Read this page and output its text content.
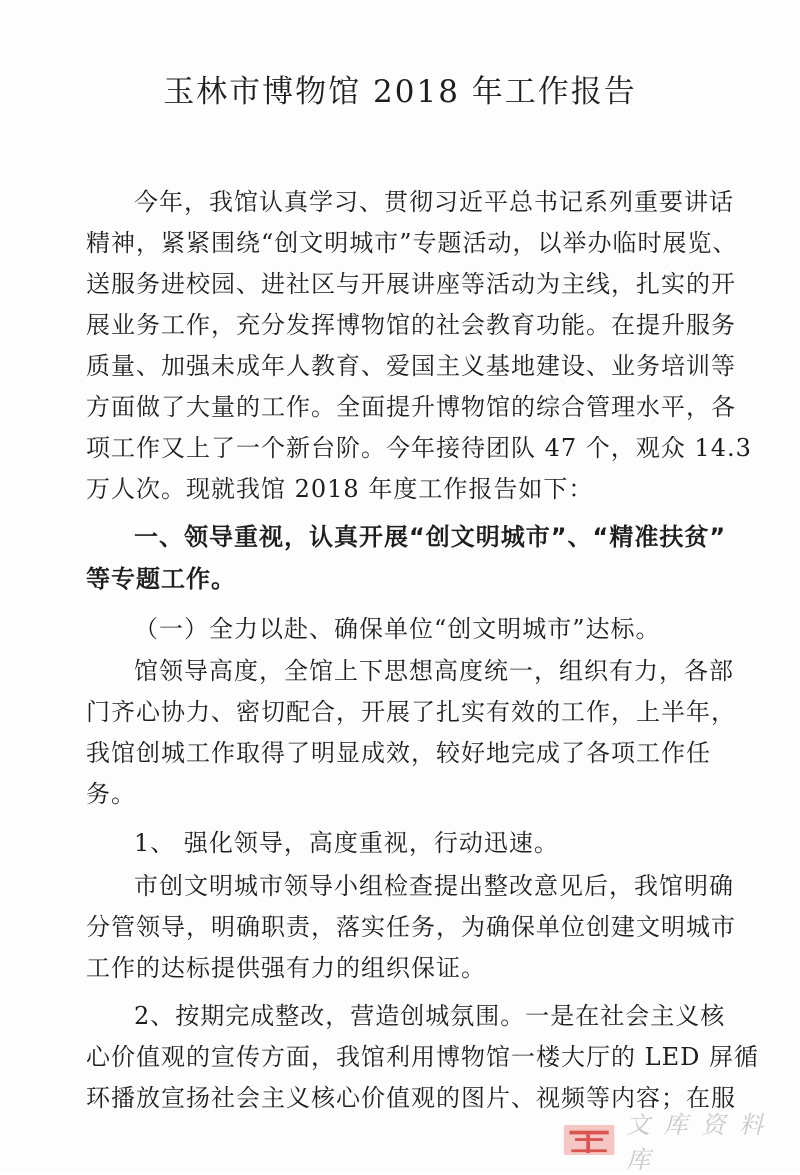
玉林市博物馆 2018 年工作报告
今年，我馆认真学习、贯彻习近平总书记系列重要讲话
精神，紧紧围绕“创文明城市”专题活动，以举办临时展览、
送服务进校园、进社区与开展讲座等活动为主线，扎实的开
展业务工作，充分发挥博物馆的社会教育功能。在提升服务
质量、加强未成年人教育、爱国主义基地建设、业务培训等
方面做了大量的工作。全面提升博物馆的综合管理水平，各
项工作又上了一个新台阶。今年接待团队 47 个，观众 14.3
万人次。现就我馆 2018 年度工作报告如下：
一、领导重视，认真开展“创文明城市”、“精准扶贫”
等专题工作。
（一）全力以赴、确保单位“创文明城市”达标。
馆领导高度，全馆上下思想高度统一，组织有力，各部
门齐心协力、密切配合，开展了扎实有效的工作，上半年，
我馆创城工作取得了明显成效，较好地完成了各项工作任
务。
1、 强化领导，高度重视，行动迅速。
市创文明城市领导小组检查提出整改意见后，我馆明确
分管领导，明确职责，落实任务，为确保单位创建文明城市
工作的达标提供强有力的组织保证。
2、按期完成整改，营造创城氛围。一是在社会主义核
心价值观的宣传方面，我馆利用博物馆一楼大厅的 LED 屏循
环播放宣扬社会主义核心价值观的图片、视频等内容；在服
文 库 资 料 库
